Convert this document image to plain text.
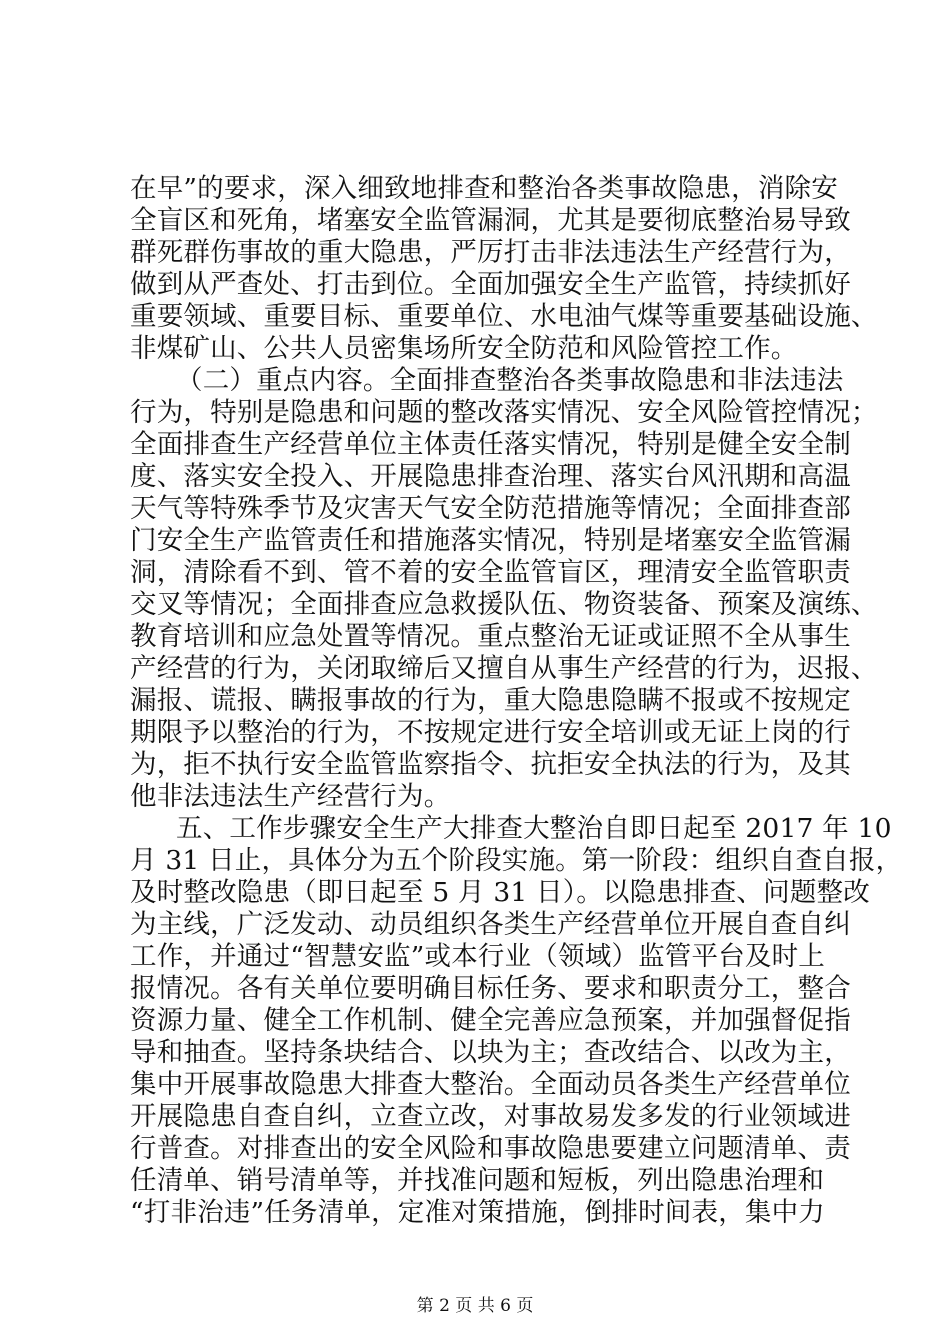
在早”的要求，深入细致地排查和整治各类事故隐患，消除安
全盲区和死角，堵塞安全监管漏洞，尤其是要彻底整治易导致
群死群伤事故的重大隐患，严厉打击非法违法生产经营行为，
做到从严查处、打击到位。全面加强安全生产监管，持续抓好
重要领域、重要目标、重要单位、水电油气煤等重要基础设施、
非煤矿山、公共人员密集场所安全防范和风险管控工作。
（二）重点内容。全面排查整治各类事故隐患和非法违法
行为，特别是隐患和问题的整改落实情况、安全风险管控情况；
全面排查生产经营单位主体责任落实情况，特别是健全安全制
度、落实安全投入、开展隐患排查治理、落实台风汛期和高温
天气等特殊季节及灾害天气安全防范措施等情况；全面排查部
门安全生产监管责任和措施落实情况，特别是堵塞安全监管漏
洞，清除看不到、管不着的安全监管盲区，理清安全监管职责
交叉等情况；全面排查应急救援队伍、物资装备、预案及演练、
教育培训和应急处置等情况。重点整治无证或证照不全从事生
产经营的行为，关闭取缔后又擅自从事生产经营的行为，迟报、
漏报、谎报、瞒报事故的行为，重大隐患隐瞒不报或不按规定
期限予以整治的行为，不按规定进行安全培训或无证上岗的行
为，拒不执行安全监管监察指令、抗拒安全执法的行为，及其
他非法违法生产经营行为。
五、工作步骤安全生产大排查大整治自即日起至 2017 年 10
月 31 日止，具体分为五个阶段实施。第一阶段：组织自查自报，
及时整改隐患（即日起至 5 月 31 日）。以隐患排查、问题整改
为主线，广泛发动、动员组织各类生产经营单位开展自查自纠
工作，并通过“智慧安监”或本行业（领域）监管平台及时上
报情况。各有关单位要明确目标任务、要求和职责分工，整合
资源力量、健全工作机制、健全完善应急预案，并加强督促指
导和抽查。坚持条块结合、以块为主；查改结合、以改为主，
集中开展事故隐患大排查大整治。全面动员各类生产经营单位
开展隐患自查自纠，立查立改，对事故易发多发的行业领域进
行普查。对排查出的安全风险和事故隐患要建立问题清单、责
任清单、销号清单等，并找准问题和短板，列出隐患治理和
“打非治违”任务清单，定准对策措施，倒排时间表，集中力
第 2 页 共 6 页
